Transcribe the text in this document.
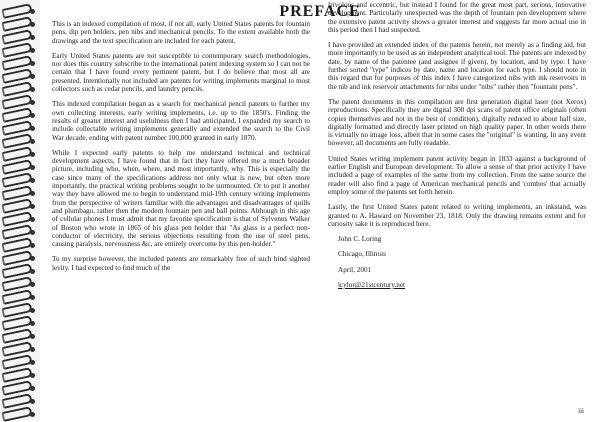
PREFACE

This is an indexed compilation of most, if not all, early United States patents for fountain pens, dip pen holders, pen nibs and mechanical pencils. To the extent available both the drawings and the text specification are included for each patent.

Early United States patents are not susceptible to contemporary search methodologies, nor does this country subscribe to the international patent indexing system so I can not be certain that I have found every pertinent patent, but I do believe that most all are presented. Intentionally not included are patents for writing implements marginal to most collectors such as cedar pencils, and laundry pencils.

This indexed compilation began as a search for mechanical pencil patents to further my own collecting interests, early writing implements, i.e. up to the 1850's. Finding the results of greater interest and usefulness then I had anticipated, I expanded my search to include collectable writing implements generally and extended the search to the Civil War decade, ending with patent number 100,000 granted in early 1870.

While I expected early patents to help me understand technical and technical development aspects, I have found that in fact they have offered me a much broader picture, including who, when, where, and most importantly, why. This is especially the case since many of the specifications address not only what is new, but often more importantly, the practical writing problems sought to be surmounted. Or to put it another way they have allowed me to begin to understand mid-19th century writing implements from the perspective of writers familiar with the advantages and disadvantages of quills and plumbago, rather then the modern fountain pen and ball points. Although in this age of cellular phones I must admit that my favorite specification is that of Sylvenus Walker of Boston who wrote in 1865 of his glass pen holder that "As glass is a perfect non-conductor of electricity, the serious objections resulting from the use of steel pens, causing paralysis, nervousness &c, are entirely overcome by this pen-holder."

To my surprise however, the included patents are remarkably free of such hind sighted levity. I had expected to find much of the

frivolous and eccentric, but instead I found for the great most part, serious, innovative development. Particularly unexpected was the depth of fountain pen development where the extensive patent activity shows a greater interest and suggests far more actual use in this period then I had suspected.

I have provided an extended index of the patents herein, not merely as a finding aid, but more importantly to be used as an independent analytical tool. The patents are indexed by date, by name of the patentee (and assignee if given), by location, and by type. I have further sorted "type" indices by date, name and location for each type. I should note in this regard that for purposes of this index I have categorized nibs with ink reservoirs in the nib and ink reservoir attachments for nibs under "nibs" rather then "fountain pens".

The patent documents in this compilation are first generation digital laser (not Xerox) reproductions. Specifically they are digital 300 dpi scans of patent office originals (often copies themselves and not in the best of condition), digitally reduced to about half size, digitally formatted and directly laser printed on high quality paper. In other words there is virtually no image loss, albeit that in some cases the "original" is wanting. In any event however, all documents are fully readable.

United States writing implement patent activity began in 1833 against a background of earlier English and European development. To allow a sense of that prior activity I have included a page of examples of the same from my collection. From the same source the reader will also find a page of American mechanical pencils and 'combos' that actually employ some of the patents set forth herein.

Lastly, the first United States patent related to writing implements, an inkstand, was granted to A. Haward on November 23, 1818. Only the drawing remains extent and for curiosity sake it is reproduced here.

John C. Loring

Chicago, Illinois

April, 2001

lcylor@21stcentury.net

iii
